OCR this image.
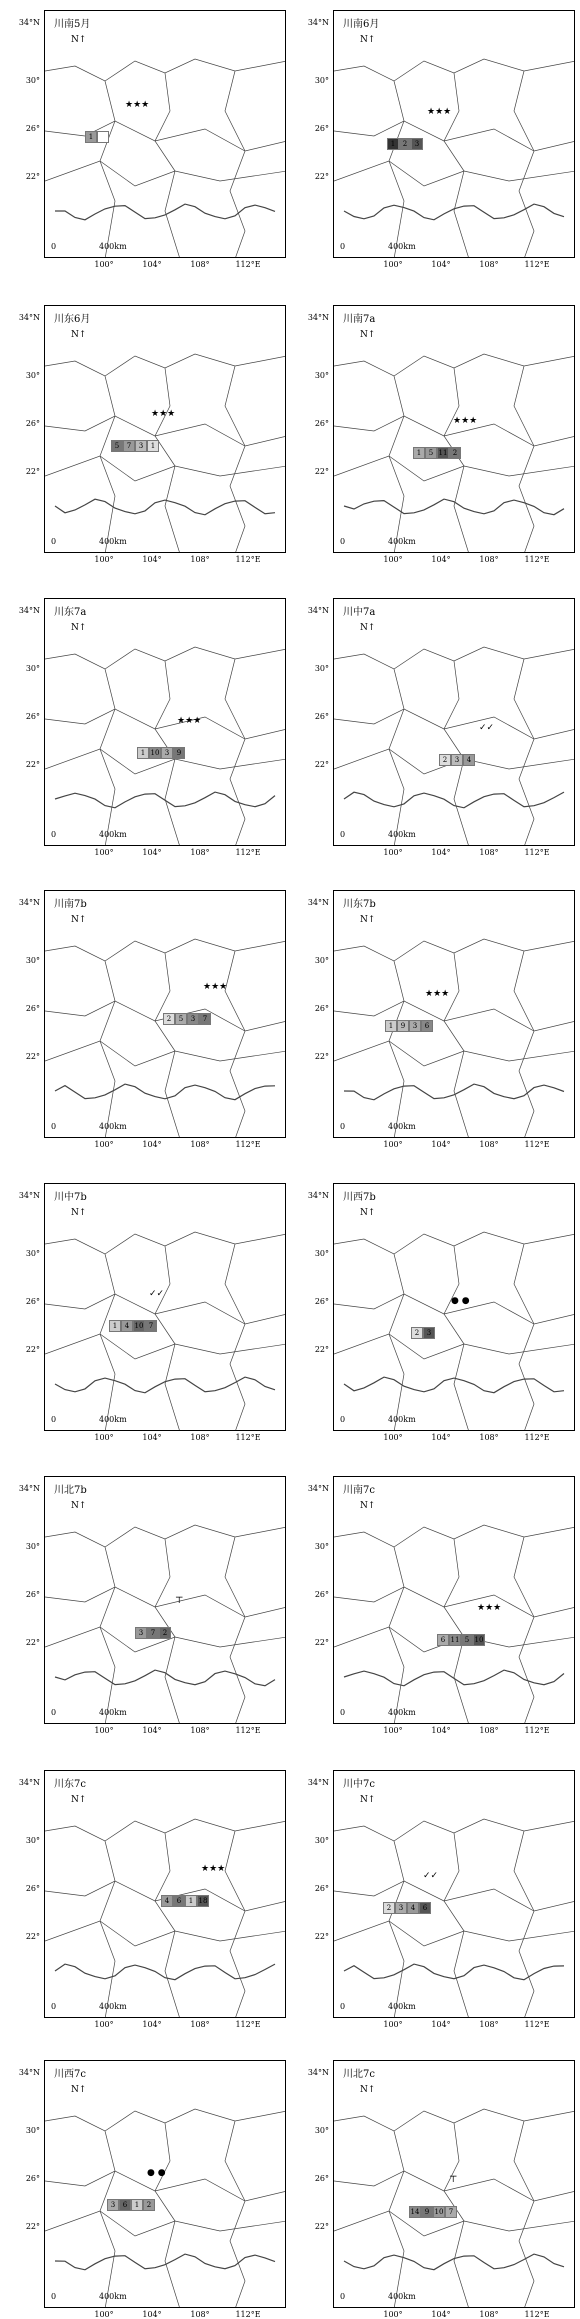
川南5月
N↑
0	400km
1
★★★
34°N
30°
26°
22°
100°	104°	108°	112°E
川南6月
N↑
0	400km
1	2	3
★★★
34°N
30°
26°
22°
100°	104°	108°	112°E
川东6月
N↑
0	400km
5	7	3	1
★★★
34°N
30°
26°
22°
100°	104°	108°	112°E
川南7a
N↑
0	400km
1	5 11 2
★★★
34°N
30°
26°
22°
100°	104°	108°	112°E
川东7a
N↑
0	400km
1 10 3	9
★★★
34°N
30°
26°
22°
100°	104°	108°	112°E
川中7a
N↑
0	400km
2	3	4
✓✓
34°N
30°
26°
22°
100°	104°	108°	112°E
川南7b
N↑
0	400km
2	5	3	7
★★★
34°N
30°
26°
22°
100°	104°	108°	112°E
川东7b
N↑
0	400km
1	9	3	6
★★★
34°N
30°
26°
22°
100°	104°	108°	112°E
川中7b
N↑
0	400km
1	4 10 7
✓✓
34°N
30°
26°
22°
100°	104°	108°	112°E
川西7b
N↑
0	400km
2	3
● ●
34°N
30°
26°
22°
100°	104°	108°	112°E
川北7b
N↑
0	400km
3	7	2
⊤
34°N
30°
26°
22°
100°	104°	108°	112°E
川南7c
N↑
0	400km
6 11 5 10
★★★
34°N
30°
26°
22°
100°	104°	108°	112°E
川东7c
N↑
0	400km
4	6	1 18
★★★
34°N
30°
26°
22°
100°	104°	108°	112°E
川中7c
N↑
0	400km
2	3	4	6
✓✓
34°N
30°
26°
22°
100°	104°	108°	112°E
川西7c
N↑
0	400km
3	6	1	2
● ●
34°N
30°
26°
22°
100°	104°	108°	112°E
川北7c
N↑
0	400km
14 9 10 7
⊤
34°N
30°
26°
22°
100°	104°	108°	112°E
